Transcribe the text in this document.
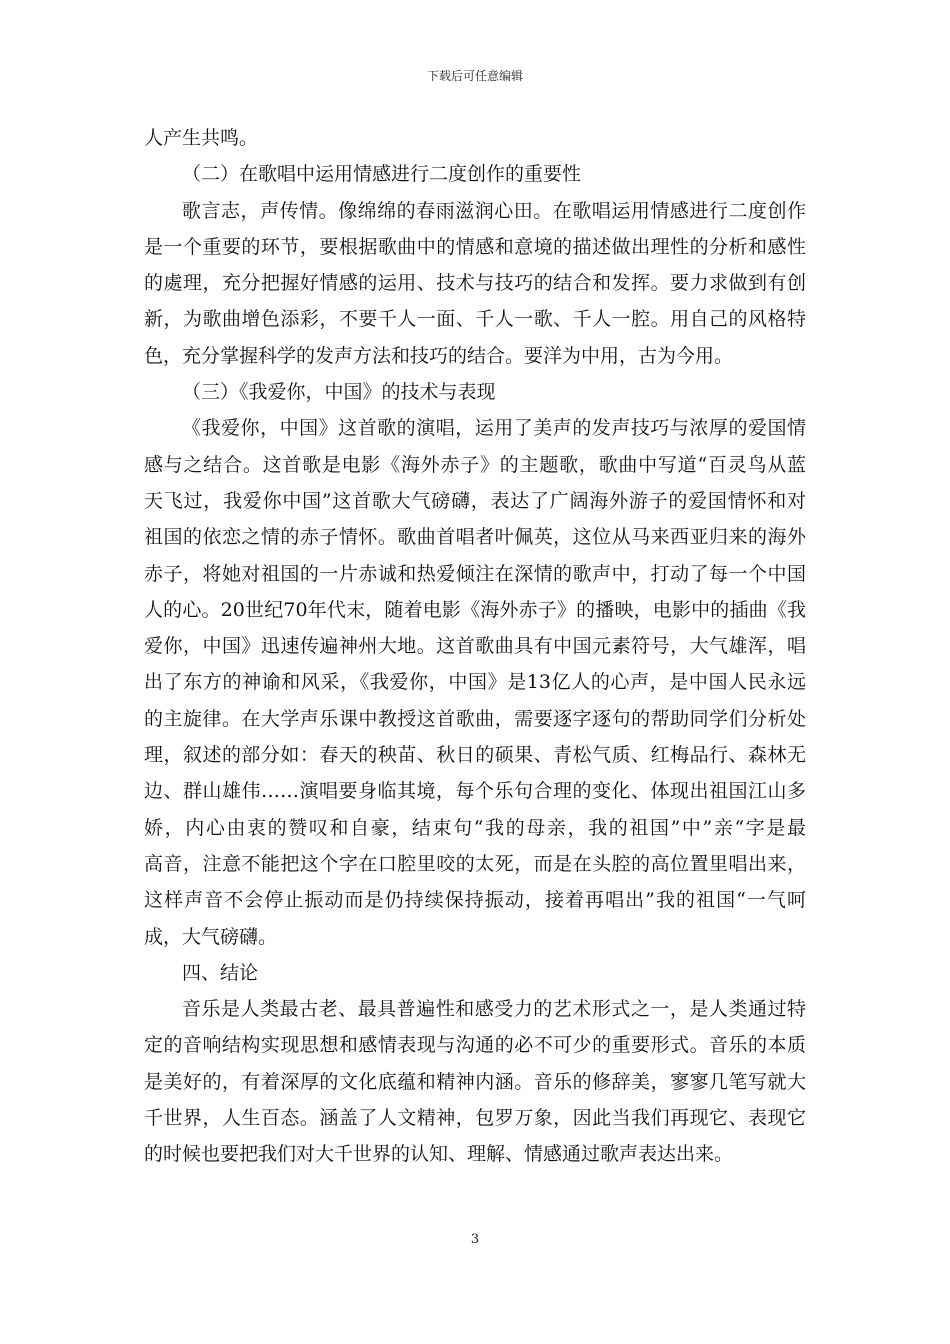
下载后可任意编辑
人产生共鸣。
（二）在歌唱中运用情感进行二度创作的重要性
歌言志，声传情。像绵绵的春雨滋润心田。在歌唱运用情感进行二度创作
是一个重要的环节，要根据歌曲中的情感和意境的描述做出理性的分析和感性
的處理，充分把握好情感的运用、技术与技巧的结合和发挥。要力求做到有创
新，为歌曲增色添彩，不要千人一面、千人一歌、千人一腔。用自己的风格特
色，充分掌握科学的发声方法和技巧的结合。要洋为中用，古为今用。
（三）《我爱你，中国》的技术与表现
《我爱你，中国》这首歌的演唱，运用了美声的发声技巧与浓厚的爱国情
感与之结合。这首歌是电影《海外赤子》的主题歌，歌曲中写道“百灵鸟从蓝
天飞过，我爱你中国”这首歌大气磅礴，表达了广阔海外游子的爱国情怀和对
祖国的依恋之情的赤子情怀。歌曲首唱者叶佩英，这位从马来西亚归来的海外
赤子，将她对祖国的一片赤诚和热爱倾注在深情的歌声中，打动了每一个中国
人的心。20世纪70年代末，随着电影《海外赤子》的播映，电影中的插曲《我
爱你，中国》迅速传遍神州大地。这首歌曲具有中国元素符号，大气雄浑，唱
出了东方的神谕和风采，《我爱你，中国》是13亿人的心声，是中国人民永远
的主旋律。在大学声乐课中教授这首歌曲，需要逐字逐句的帮助同学们分析处
理，叙述的部分如：春天的秧苗、秋日的硕果、青松气质、红梅品行、森林无
边、群山雄伟……演唱要身临其境，每个乐句合理的变化、体现出祖国江山多
娇，内心由衷的赞叹和自豪，结束句“我的母亲，我的祖国”中”亲“字是最
高音，注意不能把这个字在口腔里咬的太死，而是在头腔的高位置里唱出来，
这样声音不会停止振动而是仍持续保持振动，接着再唱出”我的祖国“一气呵
成，大气磅礴。
四、结论
音乐是人类最古老、最具普遍性和感受力的艺术形式之一，是人类通过特
定的音响结构实现思想和感情表现与沟通的必不可少的重要形式。音乐的本质
是美好的，有着深厚的文化底蕴和精神内涵。音乐的修辞美，寥寥几笔写就大
千世界，人生百态。涵盖了人文精神，包罗万象，因此当我们再现它、表现它
的时候也要把我们对大千世界的认知、理解、情感通过歌声表达出来。
3
